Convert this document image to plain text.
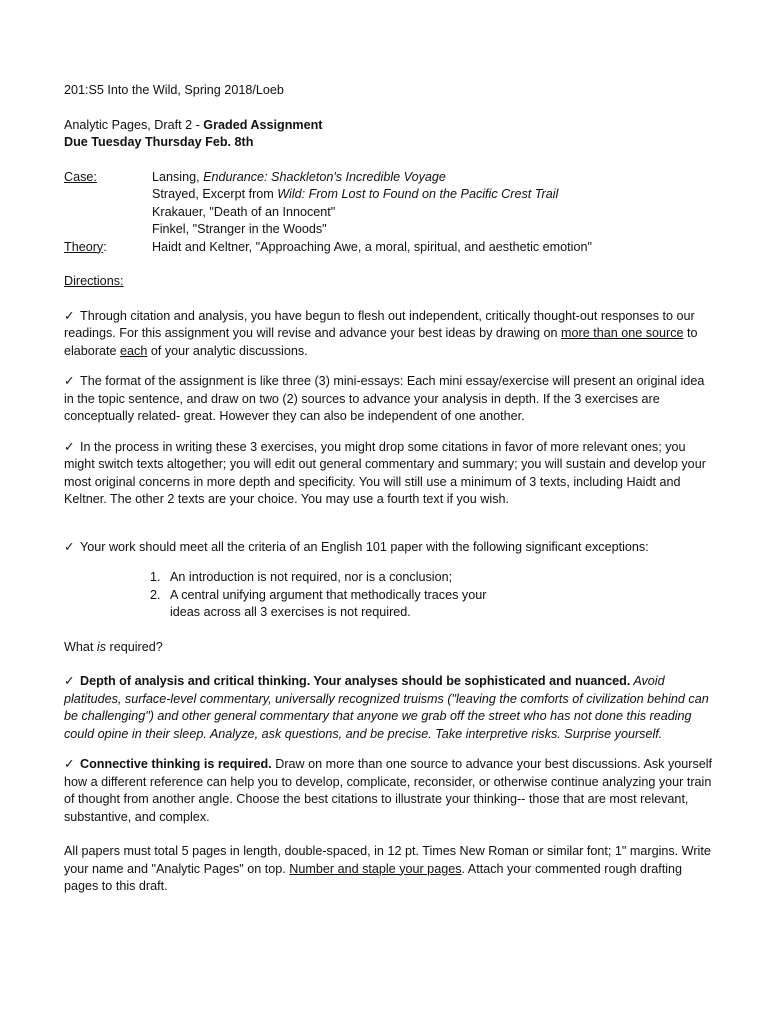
201:S5 Into the Wild, Spring 2018/Loeb

Analytic Pages, Draft 2 - Graded Assignment

Due Tuesday Thursday Feb. 8th

Case:	Lansing, Endurance: Shackleton's Incredible Voyage
	Strayed, Excerpt from Wild: From Lost to Found on the Pacific Crest Trail
	Krakauer, "Death of an Innocent"
	Finkel, "Stranger in the Woods"
Theory:	Haidt and Keltner, "Approaching Awe, a moral, spiritual, and aesthetic emotion"

Directions:

✓ Through citation and analysis, you have begun to flesh out independent, critically thought-out responses to our readings. For this assignment you will revise and advance your best ideas by drawing on more than one source to elaborate each of your analytic discussions.

✓ The format of the assignment is like three (3) mini-essays: Each mini essay/exercise will present an original idea in the topic sentence, and draw on two (2) sources to advance your analysis in depth. If the 3 exercises are conceptually related- great. However they can also be independent of one another.

✓ In the process in writing these 3 exercises, you might drop some citations in favor of more relevant ones; you might switch texts altogether; you will edit out general commentary and summary; you will sustain and develop your most original concerns in more depth and specificity. You will still use a minimum of 3 texts, including Haidt and Keltner. The other 2 texts are your choice. You may use a fourth text if you wish.

✓ Your work should meet all the criteria of an English 101 paper with the following significant exceptions:

1. An introduction is not required, nor is a conclusion;
2. A central unifying argument that methodically traces your ideas across all 3 exercises is not required.

What is required?

✓ Depth of analysis and critical thinking. Your analyses should be sophisticated and nuanced. Avoid platitudes, surface-level commentary, universally recognized truisms ("leaving the comforts of civilization behind can be challenging") and other general commentary that anyone we grab off the street who has not done this reading could opine in their sleep. Analyze, ask questions, and be precise. Take interpretive risks. Surprise yourself.

✓ Connective thinking is required. Draw on more than one source to advance your best discussions. Ask yourself how a different reference can help you to develop, complicate, reconsider, or otherwise continue analyzing your train of thought from another angle. Choose the best citations to illustrate your thinking-- those that are most relevant, substantive, and complex.

All papers must total 5 pages in length, double-spaced, in 12 pt. Times New Roman or similar font; 1" margins. Write your name and "Analytic Pages" on top. Number and staple your pages. Attach your commented rough drafting pages to this draft.
